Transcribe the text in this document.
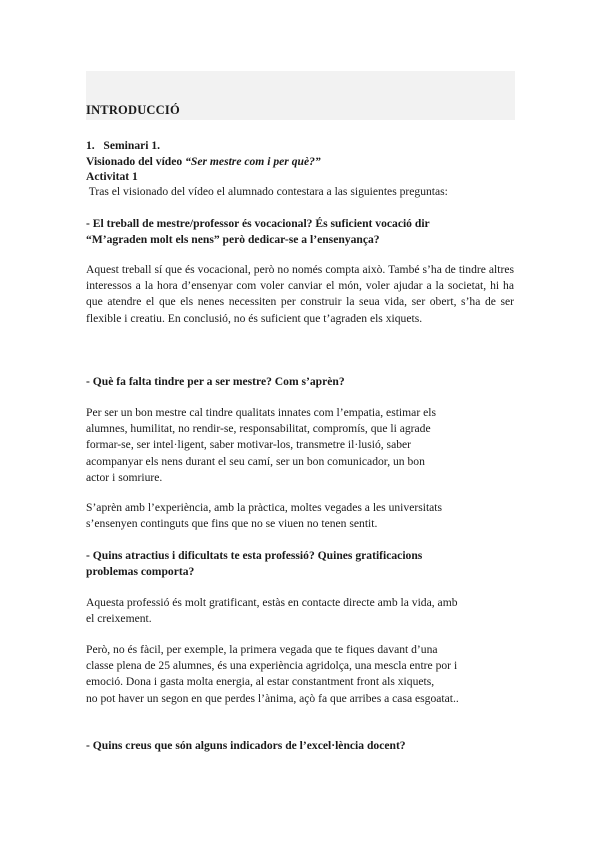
INTRODUCCIÓ
1. Seminari 1.
Visionado del vídeo “Ser mestre com i per què?”
Activitat 1
Tras el visionado del vídeo el alumnado contestara a las siguientes preguntas:
- El treball de mestre/professor és vocacional? És suficient vocació dir
“M’agraden molt els nens” però dedicar-se a l’ensenyança?

Aquest treball sí que és vocacional, però no només compta això. També s’ha de tindre altres interessos a la hora d’ensenyar com voler canviar el món, voler ajudar a la societat, hi ha que atendre el que els nenes necessiten per construir la seua vida, ser obert, s’ha de ser flexible i creatiu. En conclusió, no és suficient que t’agraden els xiquets.

- Què fa falta tindre per a ser mestre? Com s’aprèn?
Per ser un bon mestre cal tindre qualitats innates com l’empatia, estimar els
alumnes, humilitat, no rendir-se, responsabilitat, compromís, que li agrade
formar-se, ser intel·ligent, saber motivar-los, transmetre il·lusió, saber
acompanyar els nens durant el seu camí, ser un bon comunicador, un bon
actor i somriure.
S’aprèn amb l’experiència, amb la pràctica, moltes vegades a les universitats
s’ensenyen continguts que fins que no se viuen no tenen sentit.
- Quins atractius i dificultats te esta professió? Quines gratificacions
problemas comporta?
Aquesta professió és molt gratificant, estàs en contacte directe amb la vida, amb
el creixement.
Però, no és fàcil, per exemple, la primera vegada que te fiques davant d’una
classe plena de 25 alumnes, és una experiència agridolça, una mescla entre por i
emoció. Dona i gasta molta energia, al estar constantment front als xiquets,
no pot haver un segon en que perdes l’ànima, açò fa que arribes a casa esgoatat..
- Quins creus que són alguns indicadors de l’excel·lència docent?
